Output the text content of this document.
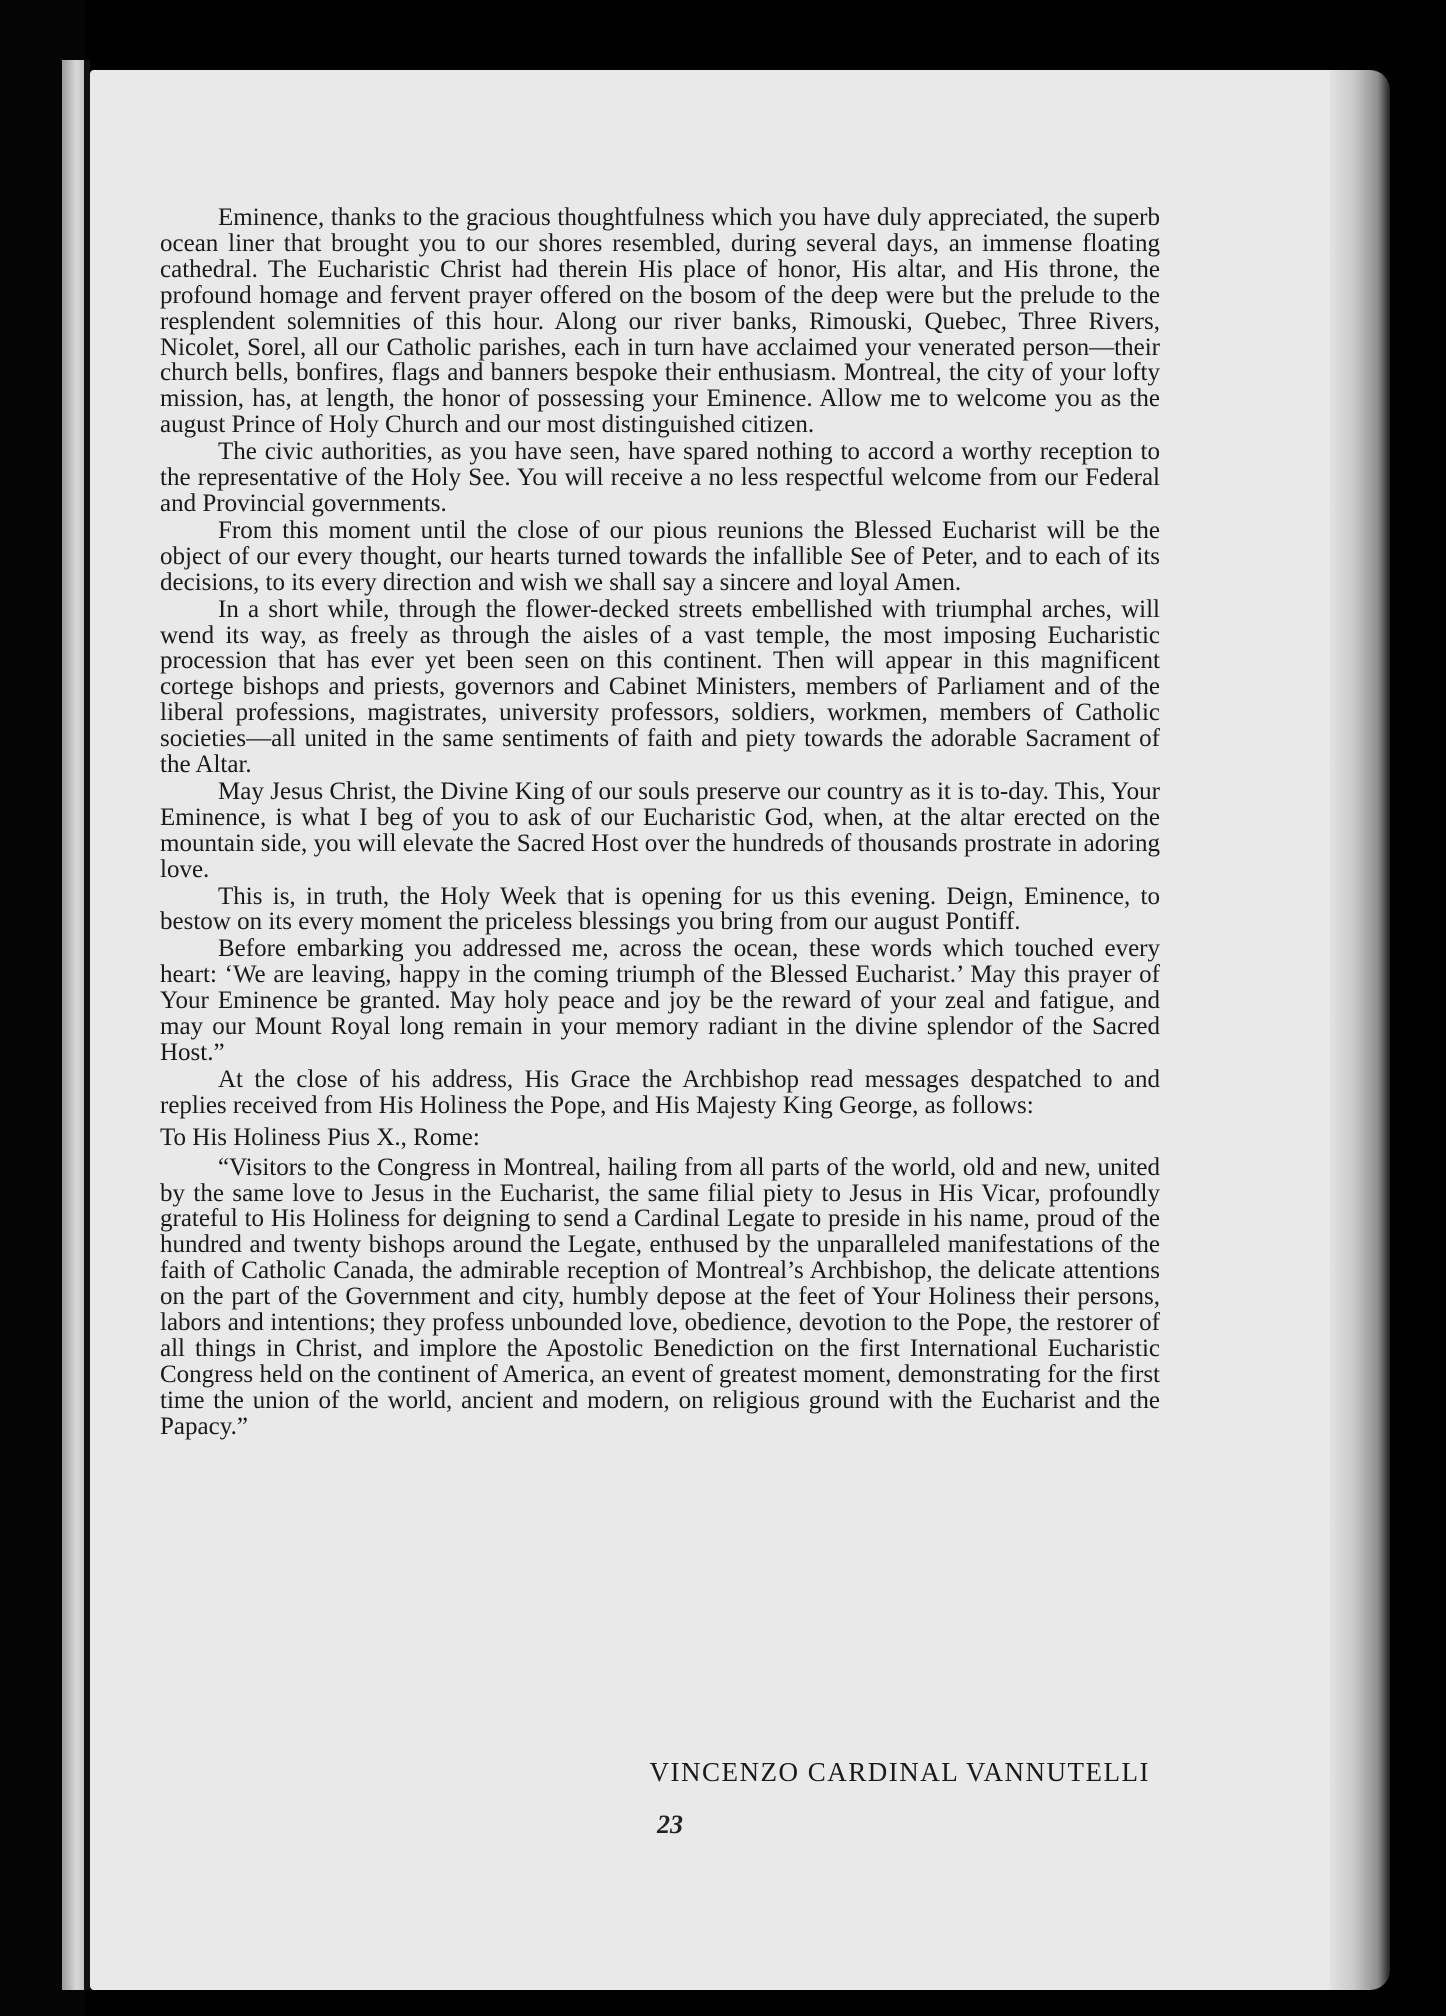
Eminence, thanks to the gracious thoughtfulness which you have duly appreciated, the superb ocean liner that brought you to our shores resembled, during several days, an immense floating cathedral. The Eucharistic Christ had therein His place of honor, His altar, and His throne, the profound homage and fervent prayer offered on the bosom of the deep were but the prelude to the resplendent solemnities of this hour. Along our river banks, Rimouski, Quebec, Three Rivers, Nicolet, Sorel, all our Catholic parishes, each in turn have acclaimed your venerated person—their church bells, bonfires, flags and banners bespoke their enthusiasm. Montreal, the city of your lofty mission, has, at length, the honor of possessing your Eminence. Allow me to welcome you as the august Prince of Holy Church and our most distinguished citizen.

The civic authorities, as you have seen, have spared nothing to accord a worthy reception to the representative of the Holy See. You will receive a no less respectful welcome from our Federal and Provincial governments.

From this moment until the close of our pious reunions the Blessed Eucharist will be the object of our every thought, our hearts turned towards the infallible See of Peter, and to each of its decisions, to its every direction and wish we shall say a sincere and loyal Amen.

In a short while, through the flower-decked streets embellished with triumphal arches, will wend its way, as freely as through the aisles of a vast temple, the most imposing Eucharistic procession that has ever yet been seen on this continent. Then will appear in this magnificent cortege bishops and priests, governors and Cabinet Ministers, members of Parliament and of the liberal professions, magistrates, university professors, soldiers, workmen, members of Catholic societies—all united in the same sentiments of faith and piety towards the adorable Sacrament of the Altar.

May Jesus Christ, the Divine King of our souls preserve our country as it is to-day. This, Your Eminence, is what I beg of you to ask of our Eucharistic God, when, at the altar erected on the mountain side, you will elevate the Sacred Host over the hundreds of thousands prostrate in adoring love.

This is, in truth, the Holy Week that is opening for us this evening. Deign, Eminence, to bestow on its every moment the priceless blessings you bring from our august Pontiff.

Before embarking you addressed me, across the ocean, these words which touched every heart: ‘We are leaving, happy in the coming triumph of the Blessed Eucharist.’ May this prayer of Your Eminence be granted. May holy peace and joy be the reward of your zeal and fatigue, and may our Mount Royal long remain in your memory radiant in the divine splendor of the Sacred Host.”

At the close of his address, His Grace the Archbishop read messages despatched to and replies received from His Holiness the Pope, and His Majesty King George, as follows:

To His Holiness Pius X., Rome:

“Visitors to the Congress in Montreal, hailing from all parts of the world, old and new, united by the same love to Jesus in the Eucharist, the same filial piety to Jesus in His Vicar, profoundly grateful to His Holiness for deigning to send a Cardinal Legate to preside in his name, proud of the hundred and twenty bishops around the Legate, enthused by the unparalleled manifestations of the faith of Catholic Canada, the admirable reception of Montreal’s Archbishop, the delicate attentions on the part of the Government and city, humbly depose at the feet of Your Holiness their persons, labors and intentions; they profess unbounded love, obedience, devotion to the Pope, the restorer of all things in Christ, and implore the Apostolic Benediction on the first International Eucharistic Congress held on the continent of America, an event of greatest moment, demonstrating for the first time the union of the world, ancient and modern, on religious ground with the Eucharist and the Papacy.”

VINCENZO CARDINAL VANNUTELLI
23
